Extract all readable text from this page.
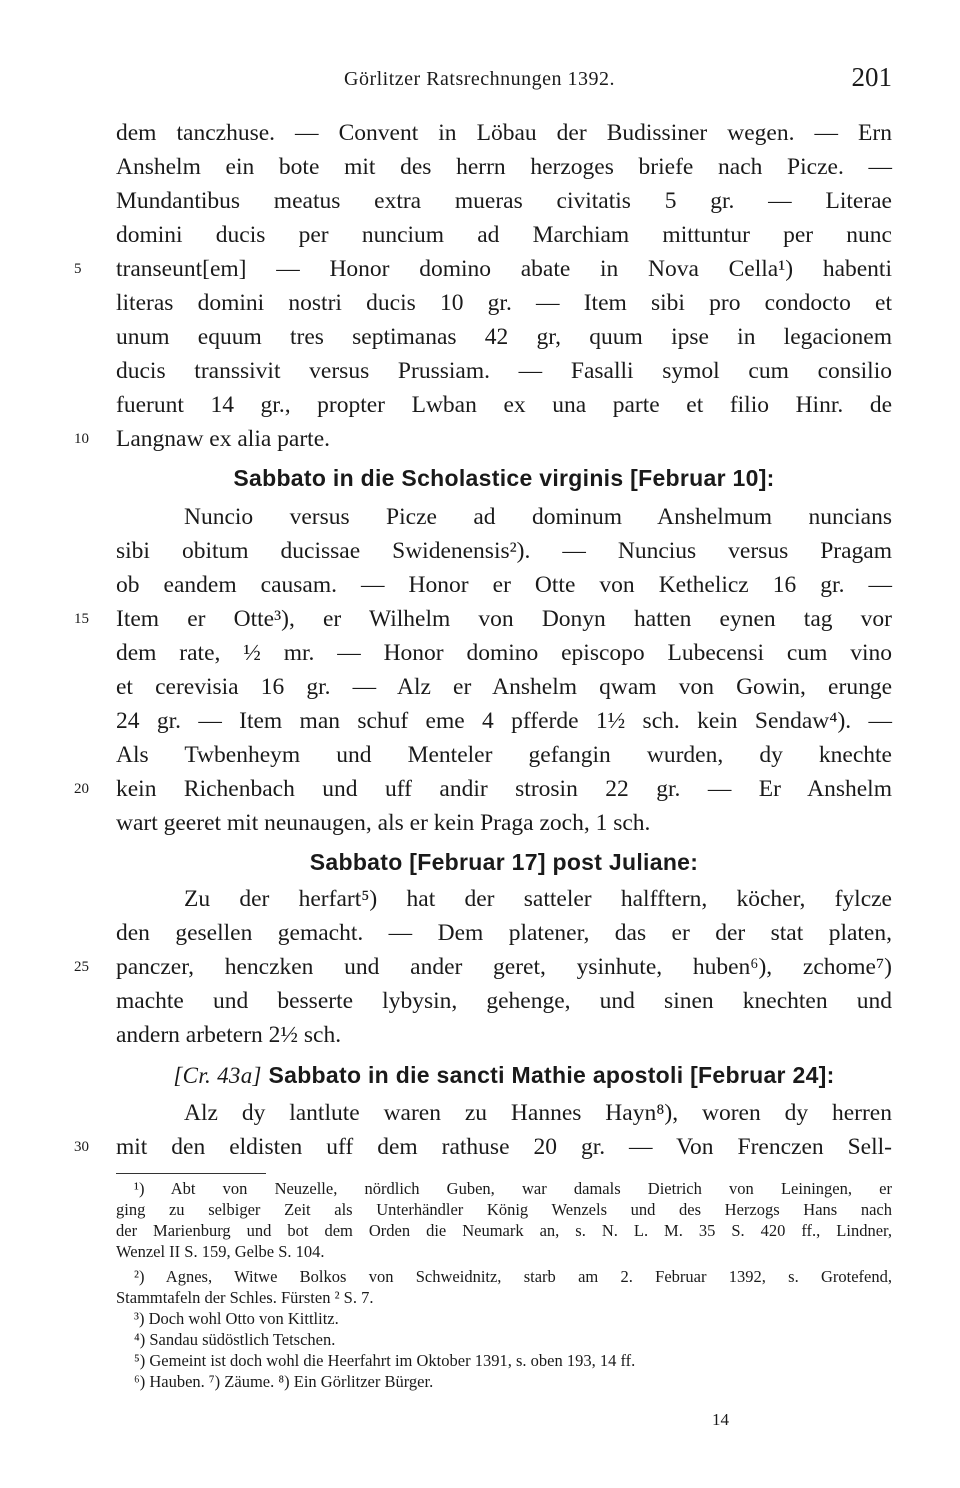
Görlitzer Ratsrechnungen 1392.	201
dem tanczhuse. — Convent in Löbau der Budissiner wegen. — Ern
Anshelm ein bote mit des herrn herzoges briefe nach Picze. —
Mundantibus meatus extra mueras civitatis 5 gr. — Literae
domini ducis per nuncium ad Marchiam mittuntur per nunc
transeunt[em] — Honor domino abate in Nova Cella¹) habenti
literas domini nostri ducis 10 gr. — Item sibi pro condocto et
unum equum tres septimanas 42 gr, quum ipse in legacionem
ducis transsivit versus Prussiam. — Fasalli symol cum consilio
fuerunt 14 gr., propter Lwban ex una parte et filio Hinr. de
Langnaw ex alia parte.
Sabbato in die Scholastice virginis [Februar 10]:
Nuncio versus Picze ad dominum Anshelmum nuncians
sibi obitum ducissae Swidenensis²). — Nuncius versus Pragam
ob eandem causam. — Honor er Otte von Kethelicz 16 gr. —
Item er Otte³), er Wilhelm von Donyn hatten eynen tag vor
dem rate, ½ mr. — Honor domino episcopo Lubecensi cum vino
et cerevisia 16 gr. — Alz er Anshelm qwam von Gowin, erunge
24 gr. — Item man schuf eme 4 pfferde 1½ sch. kein Sendaw⁴). —
Als Twbenheym und Menteler gefangin wurden, dy knechte
kein Richenbach und uff andir strosin 22 gr. — Er Anshelm
wart geeret mit neunaugen, als er kein Praga zoch, 1 sch.
Sabbato [Februar 17] post Juliane:
Zu der herfart⁵) hat der satteler halfftern, köcher, fylcze
den gesellen gemacht. — Dem platener, das er der stat platen,
panczer, henczken und ander geret, ysinhute, huben⁶), zchome⁷)
machte und besserte lybysin, gehenge, und sinen knechten und
andern arbetern 2½ sch.
[Cr. 43a] Sabbato in die sancti Mathie apostoli [Februar 24]:
Alz dy lantlute waren zu Hannes Hayn⁸), woren dy herren
mit den eldisten uff dem rathuse 20 gr. — Von Frenczen Sell-
5
10
15
20
25
30
¹) Abt von Neuzelle, nördlich Guben, war damals Dietrich von Leiningen, er
ging zu selbiger Zeit als Unterhändler König Wenzels und des Herzogs Hans nach
der Marienburg und bot dem Orden die Neumark an, s. N. L. M. 35 S. 420 ff., Lindner,
Wenzel II S. 159, Gelbe S. 104.
²) Agnes, Witwe Bolkos von Schweidnitz, starb am 2. Februar 1392, s. Grotefend,
Stammtafeln der Schles. Fürsten ² S. 7.
³) Doch wohl Otto von Kittlitz.
⁴) Sandau südöstlich Tetschen.
⁵) Gemeint ist doch wohl die Heerfahrt im Oktober 1391, s. oben 193, 14 ff.
⁶) Hauben. ⁷) Zäume. ⁸) Ein Görlitzer Bürger.
14
